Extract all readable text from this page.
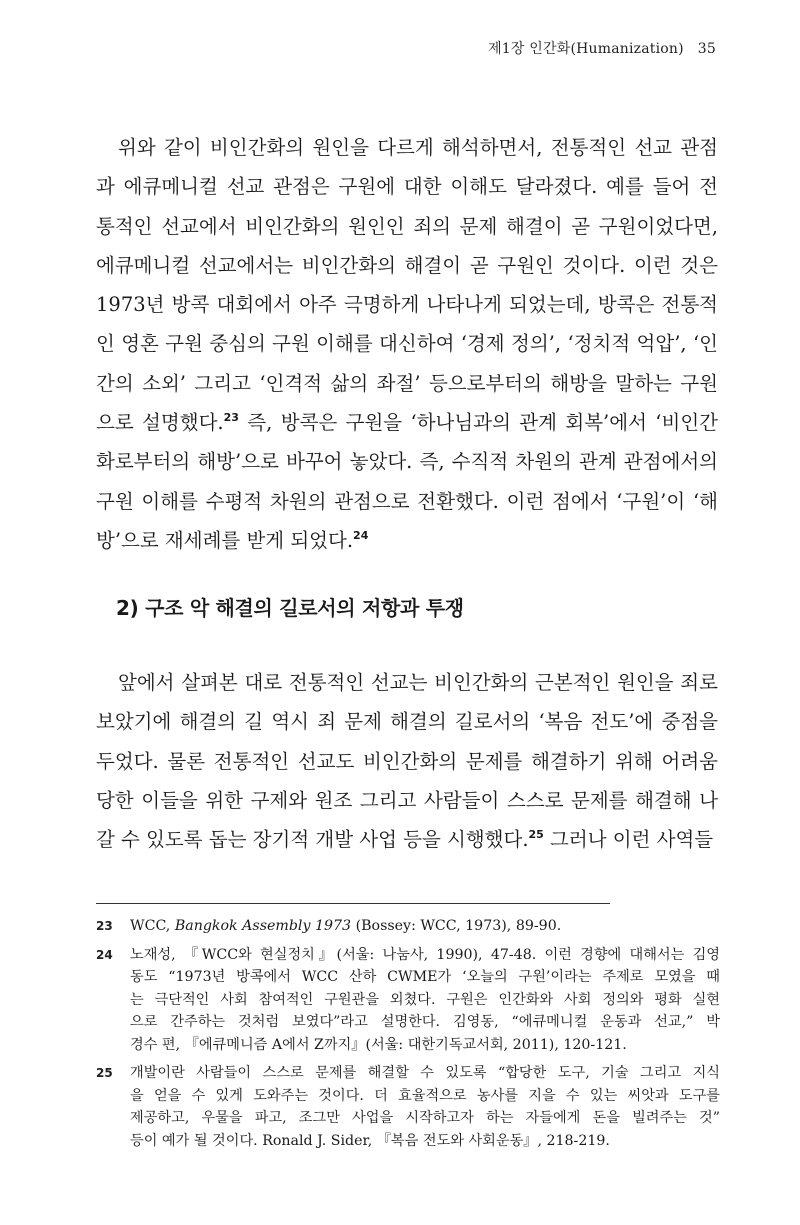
제1장 인간화(Humanization) 35
위와 같이 비인간화의 원인을 다르게 해석하면서, 전통적인 선교 관점
과 에큐메니컬 선교 관점은 구원에 대한 이해도 달라졌다. 예를 들어 전
통적인 선교에서 비인간화의 원인인 죄의 문제 해결이 곧 구원이었다면,
에큐메니컬 선교에서는 비인간화의 해결이 곧 구원인 것이다. 이런 것은
1973년 방콕 대회에서 아주 극명하게 나타나게 되었는데, 방콕은 전통적
인 영혼 구원 중심의 구원 이해를 대신하여 ‘경제 정의’, ‘정치적 억압’, ‘인
간의 소외’ 그리고 ‘인격적 삶의 좌절’ 등으로부터의 해방을 말하는 구원
으로 설명했다.$^{23}$ 즉, 방콕은 구원을 ‘하나님과의 관계 회복’에서 ‘비인간
화로부터의 해방’으로 바꾸어 놓았다. 즉, 수직적 차원의 관계 관점에서의
구원 이해를 수평적 차원의 관점으로 전환했다. 이런 점에서 ‘구원’이 ‘해
방’으로 재세례를 받게 되었다.$^{24}$
2) 구조 악 해결의 길로서의 저항과 투쟁
앞에서 살펴본 대로 전통적인 선교는 비인간화의 근본적인 원인을 죄로
보았기에 해결의 길 역시 죄 문제 해결의 길로서의 ‘복음 전도’에 중점을
두었다. 물론 전통적인 선교도 비인간화의 문제를 해결하기 위해 어려움
당한 이들을 위한 구제와 원조 그리고 사람들이 스스로 문제를 해결해 나
갈 수 있도록 돕는 장기적 개발 사업 등을 시행했다.$^{25}$ 그러나 이런 사역들
23 WCC, Bangkok Assembly 1973 (Bossey: WCC, 1973), 89-90.
24 노재성, 『WCC와 현실정치』(서울: 나눔사, 1990), 47-48. 이런 경향에 대해서는 김영
동도 “1973년 방콕에서 WCC 산하 CWME가 ‘오늘의 구원’이라는 주제로 모였을 때
는 극단적인 사회 참여적인 구원관을 외쳤다. 구원은 인간화와 사회 정의와 평화 실현
으로 간주하는 것처럼 보였다”라고 설명한다. 김영동, “에큐메니컬 운동과 선교,” 박
경수 편, 『에큐메니즘 A에서 Z까지』(서울: 대한기독교서회, 2011), 120-121.
25 개발이란 사람들이 스스로 문제를 해결할 수 있도록 “합당한 도구, 기술 그리고 지식
을 얻을 수 있게 도와주는 것이다. 더 효율적으로 농사를 지을 수 있는 씨앗과 도구를
제공하고, 우물을 파고, 조그만 사업을 시작하고자 하는 자들에게 돈을 빌려주는 것”
등이 예가 될 것이다. Ronald J. Sider, 『복음 전도와 사회운동』, 218-219.
